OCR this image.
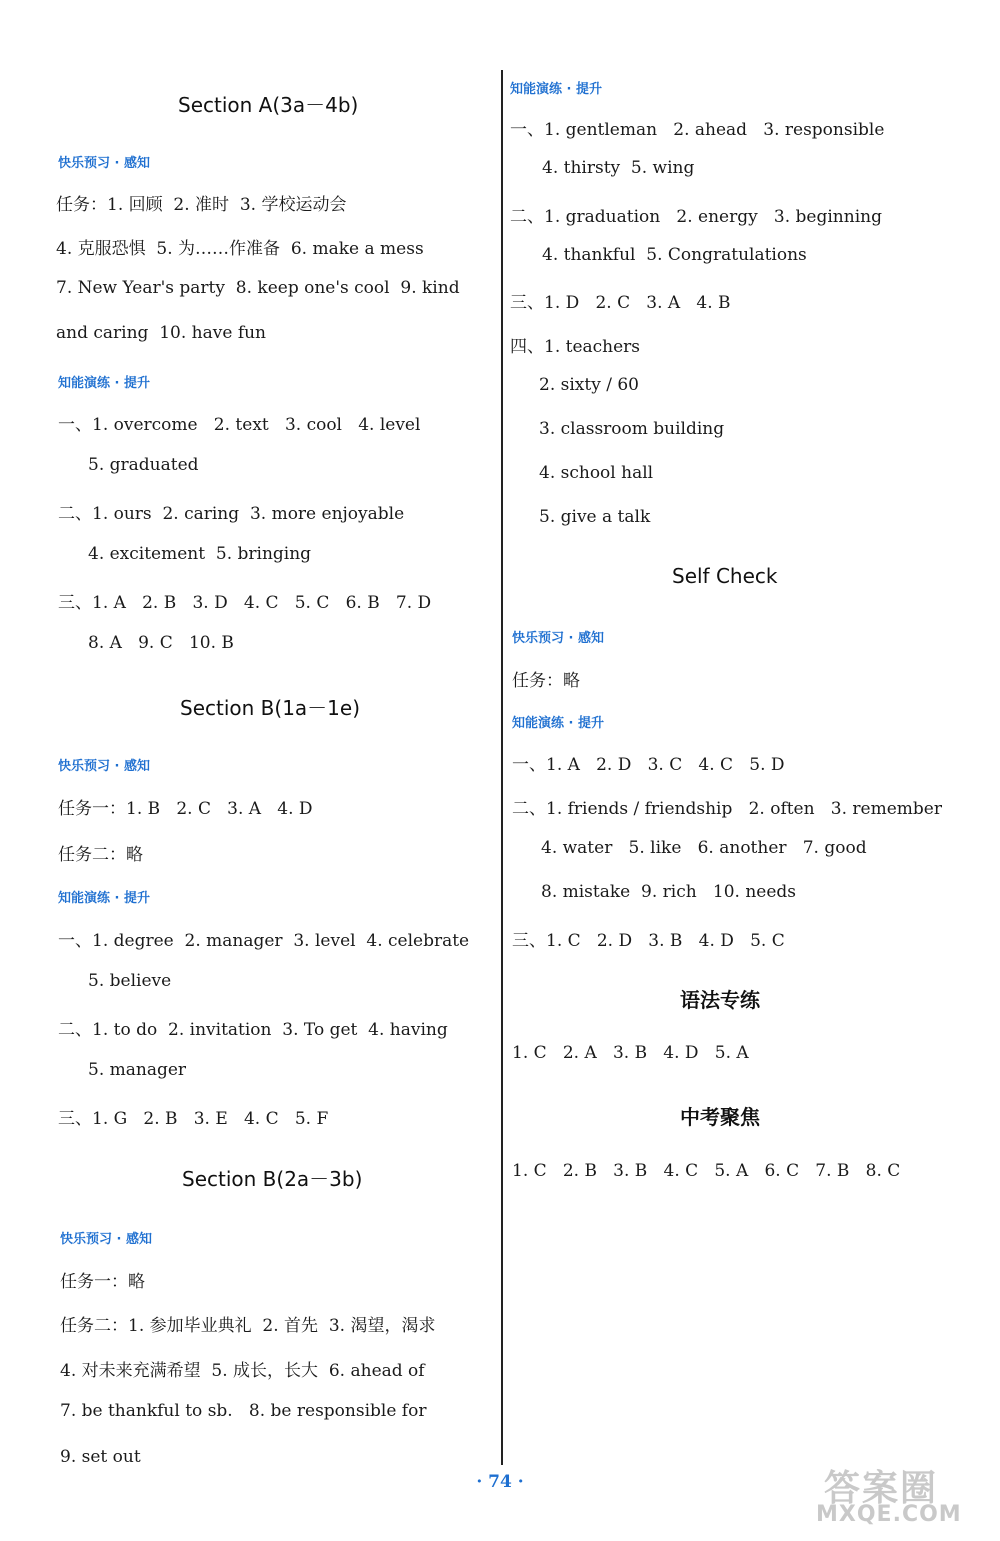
Section A(3a－4b)
快乐预习 · 感知
任务：1. 回顾  2. 准时  3. 学校运动会
4. 克服恐惧  5. 为……作准备  6. make a mess
7. New Year's party  8. keep one's cool  9. kind
and caring  10. have fun
知能演练 · 提升
一、1. overcome   2. text   3. cool   4. level
5. graduated
二、1. ours  2. caring  3. more enjoyable
4. excitement  5. bringing
三、1. A   2. B   3. D   4. C   5. C   6. B   7. D
8. A   9. C   10. B
Section B(1a－1e)
快乐预习 · 感知
任务一：1. B   2. C   3. A   4. D
任务二：略
知能演练 · 提升
一、1. degree  2. manager  3. level  4. celebrate
5. believe
二、1. to do  2. invitation  3. To get  4. having
5. manager
三、1. G   2. B   3. E   4. C   5. F
Section B(2a－3b)
快乐预习 · 感知
任务一：略
任务二：1. 参加毕业典礼  2. 首先  3. 渴望，渴求
4. 对未来充满希望  5. 成长，长大  6. ahead of
7. be thankful to sb.   8. be responsible for
9. set out
知能演练 · 提升
一、1. gentleman   2. ahead   3. responsible
4. thirsty  5. wing
二、1. graduation   2. energy   3. beginning
4. thankful  5. Congratulations
三、1. D   2. C   3. A   4. B
四、1. teachers
2. sixty / 60
3. classroom building
4. school hall
5. give a talk
Self Check
快乐预习 · 感知
任务：略
知能演练 · 提升
一、1. A   2. D   3. C   4. C   5. D
二、1. friends / friendship   2. often   3. remember
4. water   5. like   6. another   7. good
8. mistake  9. rich   10. needs
三、1. C   2. D   3. B   4. D   5. C
语法专练
1. C   2. A   3. B   4. D   5. A
中考聚焦
1. C   2. B   3. B   4. C   5. A   6. C   7. B   8. C
· 74 ·	答案圈
MXQE.COM
